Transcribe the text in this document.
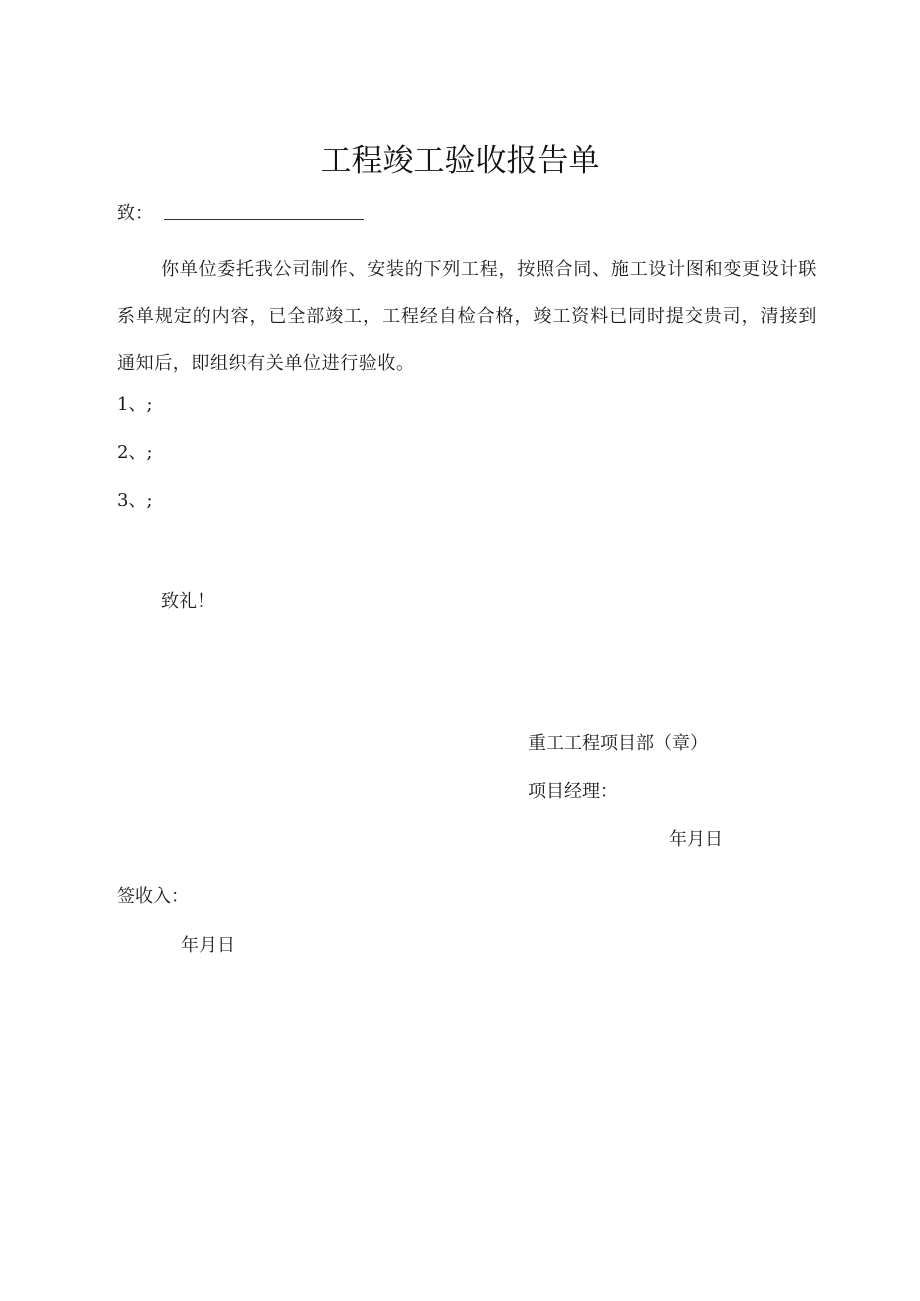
工程竣工验收报告单
致：
你单位委托我公司制作、安装的下列工程，按照合同、施工设计图和变更设计联系单规定的内容，已全部竣工，工程经自检合格，竣工资料已同时提交贵司，清接到通知后，即组织有关单位进行验收。
1、;
2、;
3、;
致礼！
重工工程项目部（章）
项目经理：
年月日
签收入：
年月日
